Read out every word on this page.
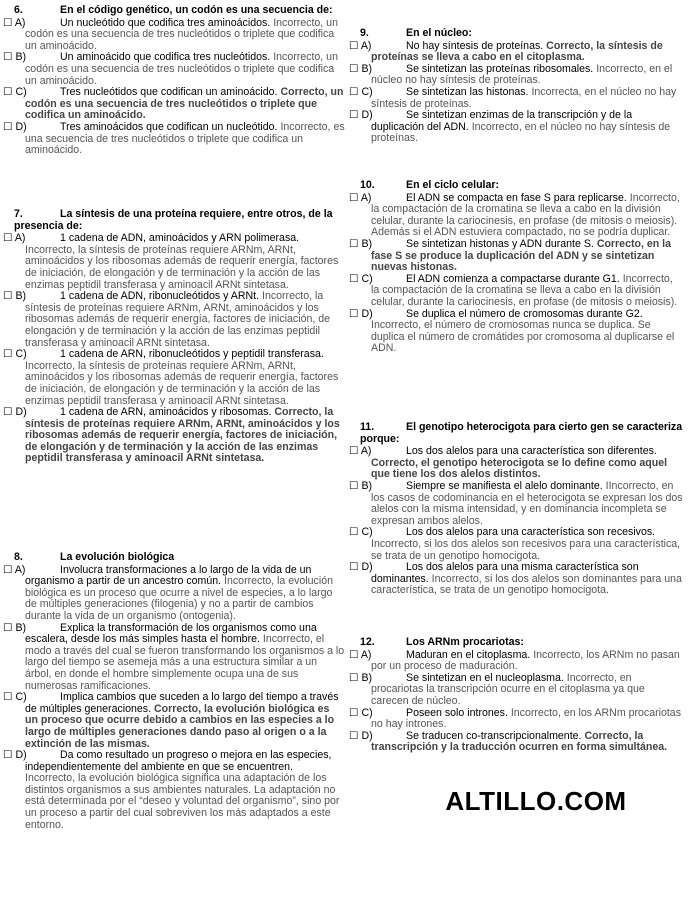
6.	En el código genético, un codón es una secuencia de:

☐ A)	Un nucleótido que codifica tres aminoácidos. Incorrecto, un codón es una secuencia de tres nucleótidos o triplete que codifica un aminoácido.

☐ B)	Un aminoácido que codifica tres nucleótidos. Incorrecto, un codón es una secuencia de tres nucleótidos o triplete que codifica un aminoácido.

☐ C)	Tres nucleótidos que codifican un aminoácido. Correcto, un codón es una secuencia de tres nucleótidos o triplete que codifica un aminoácido.

☐ D)	Tres aminoácidos que codifican un nucleótido. Incorrecto, es una secuencia de tres nucleótidos o triplete que codifica un aminoácido.

7.	La síntesis de una proteína requiere, entre otros, de la presencia de:

☐ A)	1 cadena de ADN, aminoácidos y ARN polimerasa. Incorrecto, la síntesis de proteínas requiere ARNm, ARNt, aminoácidos y los ribosomas además de requerir energía, factores de iniciación, de elongación y de terminación y la acción de las enzimas peptidil transferasa y aminoacil ARNt sintetasa.

☐ B)	1 cadena de ADN, ribonucleótidos y ARNt. Incorrecto, la síntesis de proteínas requiere ARNm, ARNt, aminoácidos y los ribosomas además de requerir energía, factores de iniciación, de elongación y de terminación y la acción de las enzimas peptidil transferasa y aminoacil ARNt sintetasa.

☐ C)	1 cadena de ARN, ribonucleótidos y peptidil transferasa. Incorrecto, la síntesis de proteínas requiere ARNm, ARNt, aminoácidos y los ribosomas además de requerir energía, factores de iniciación, de elongación y de terminación y la acción de las enzimas peptidil transferasa y aminoacil ARNt sintetasa.

☐ D)	1 cadena de ARN, aminoácidos y ribosomas. Correcto, la síntesis de proteínas requiere ARNm, ARNt, aminoácidos y los ribosomas además de requerir energía, factores de iniciación, de elongación y de terminación y la acción de las enzimas peptidil transferasa y aminoacil ARNt sintetasa.

8.	La evolución biológica

☐ A)	Involucra transformaciones a lo largo de la vida de un organismo a partir de un ancestro común. Incorrecto, la evolución biológica es un proceso que ocurre a nivel de especies, a lo largo de múltiples generaciones (filogenia) y no a partir de cambios durante la vida de un organismo (ontogenia).

☐ B)	Explica la transformación de los organismos como una escalera, desde los más simples hasta el hombre. Incorrecto, el modo a través del cual se fueron transformando los organismos a lo largo del tiempo se asemeja más a una estructura similar a un árbol, en donde el hombre simplemente ocupa una de sus numerosas ramificaciones.

☐ C)	Implica cambios que suceden a lo largo del tiempo a través de múltiples generaciones. Correcto, la evolución biológica es un proceso que ocurre debido a cambios en las especies a lo largo de múltiples generaciones dando paso al origen o a la extinción de las mismas.

☐ D)	Da como resultado un progreso o mejora en las especies, independientemente del ambiente en que se encuentren. Incorrecto, la evolución biológica significa una adaptación de los distintos organismos a sus ambientes naturales. La adaptación no está determinada por el “deseo y voluntad del organismo”, sino por un proceso a partir del cual sobreviven los más adaptados a este entorno.

9.	En el núcleo:

☐ A)	No hay síntesis de proteínas. Correcto, la síntesis de proteínas se lleva a cabo en el citoplasma.

☐ B)	Se sintetizan las proteínas ribosomales. Incorrecto, en el núcleo no hay síntesis de proteínas.

☐ C)	Se sintetizan las histonas. Incorrecta, en el núcleo no hay síntesis de proteínas.

☐ D)	Se sintetizan enzimas de la transcripción y de la duplicación del ADN. Incorrecto, en el núcleo no hay síntesis de proteínas.

10.	En el ciclo celular:

☐ A)	El ADN se compacta en fase S para replicarse. Incorrecto, la compactación de la cromatina se lleva a cabo en la división celular, durante la cariocinesis, en profase (de mitosis o meiosis). Además si el ADN estuviera compactado, no se podría duplicar.

☐ B)	Se sintetizan histonas y ADN durante S. Correcto, en la fase S se produce la duplicación del ADN y se sintetizan nuevas histonas.

☐ C)	El ADN comienza a compactarse durante G1. Incorrecto, la compactación de la cromatina se lleva a cabo en la división celular, durante la cariocinesis, en profase (de mitosis o meiosis).

☐ D)	Se duplica el número de cromosomas durante G2. Incorrecto, el número de cromosomas nunca se duplica. Se duplica el número de cromátides por cromosoma al duplicarse el ADN.

11.	El genotipo heterocigota para cierto gen se caracteriza porque:

☐ A)	Los dos alelos para una característica son diferentes. Correcto, el genotipo heterocigota se lo define como aquel que tiene los dos alelos distintos.

☐ B)	Siempre se manifiesta el alelo dominante. IIncorrecto, en los casos de codominancia en el heterocigota se expresan los dos alelos con la misma intensidad, y en dominancia incompleta se expresan ambos alelos.

☐ C)	Los dos alelos para una característica son recesivos. Incorrecto, si los dos alelos son recesivos para una característica, se trata de un genotipo homocigota.

☐ D)	Los dos alelos para una misma característica son dominantes. Incorrecto, si los dos alelos son dominantes para una característica, se trata de un genotipo homocigota.

12.	Los ARNm procariotas:

☐ A)	Maduran en el citoplasma. Incorrecto, los ARNm no pasan por un proceso de maduración.

☐ B)	Se sintetizan en el nucleoplasma. Incorrecto, en procariotas la transcripción ocurre en el citoplasma ya que carecen de núcleo.

☐ C)	Poseen solo intrones. Incorrecto, en los ARNm procariotas no hay intrones.

☐ D)	Se traducen co-transcripcionalmente. Correcto, la transcripción y la traducción ocurren en forma simultánea.

ALTILLO.COM
